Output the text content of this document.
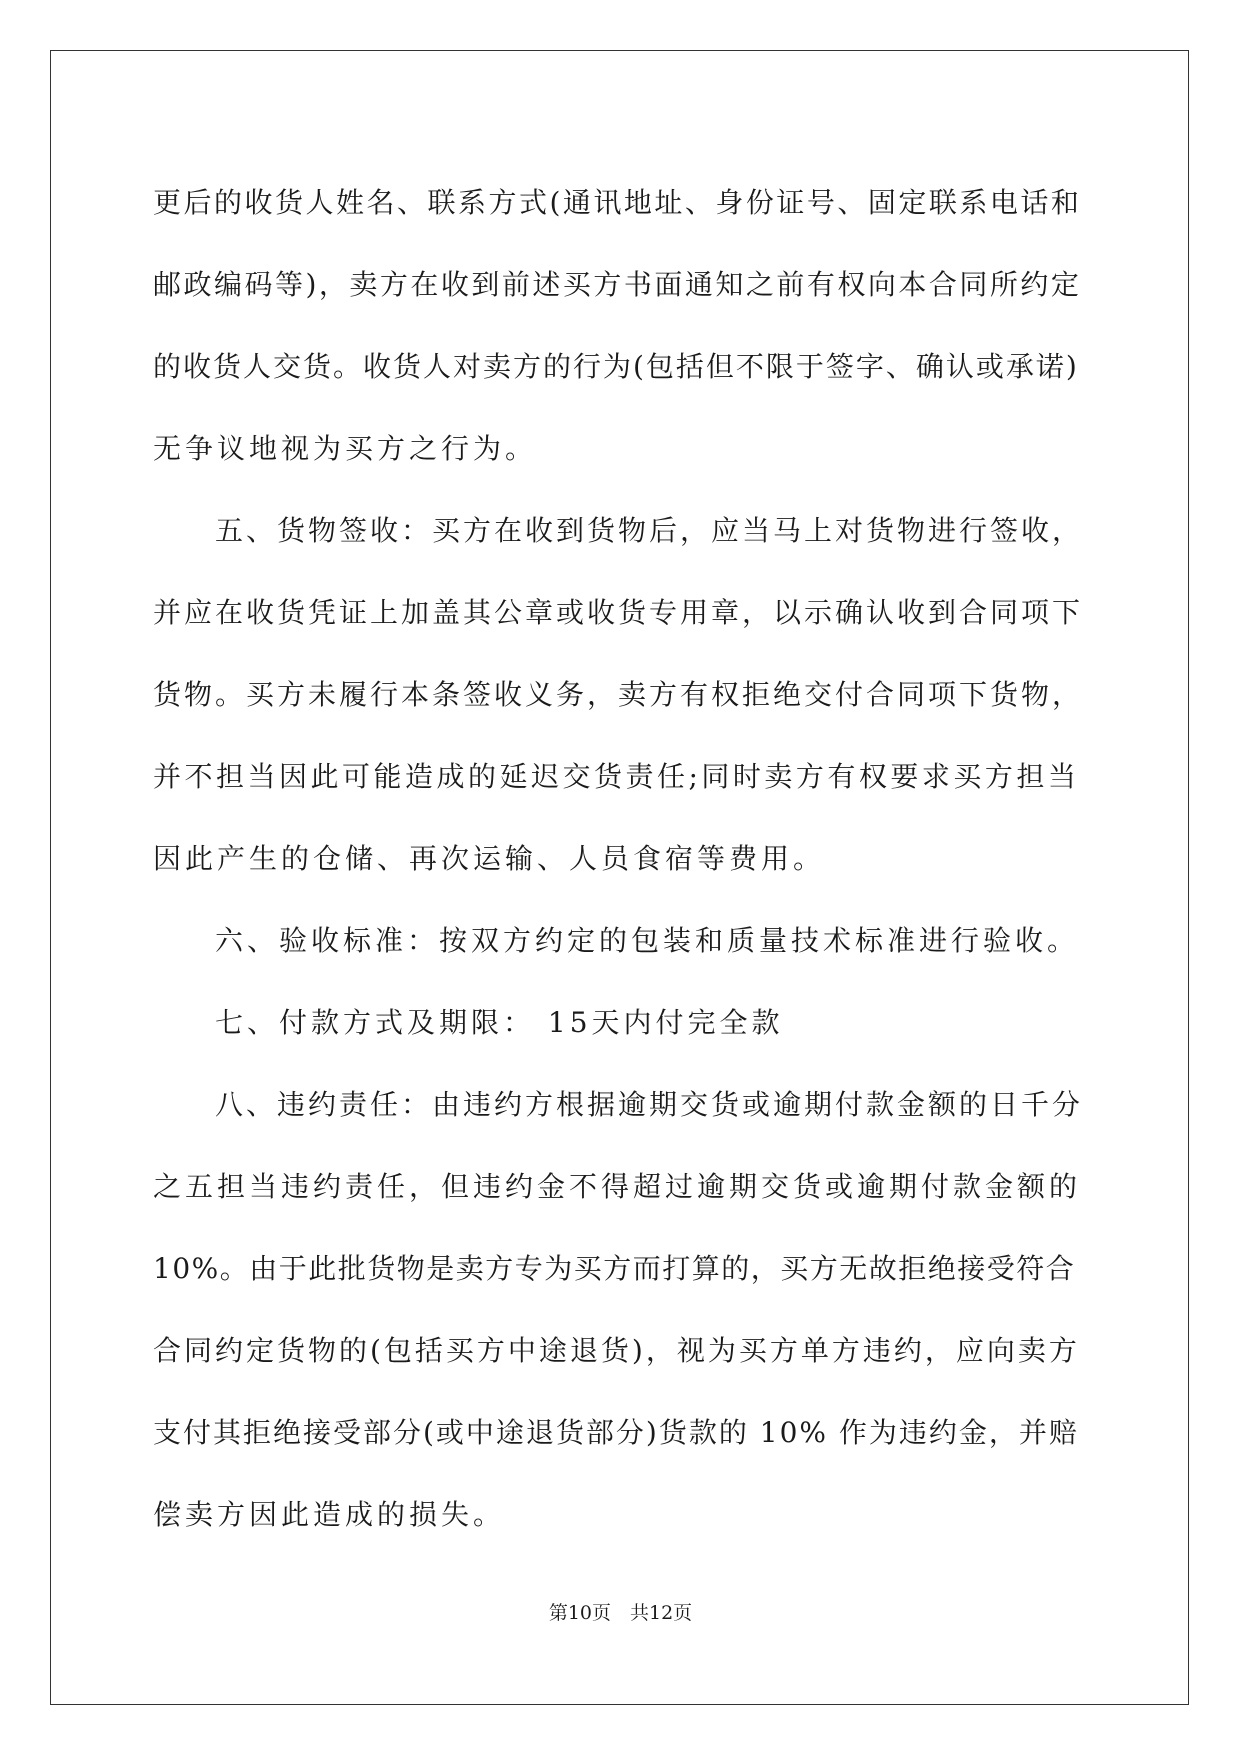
更后的收货人姓名、联系方式(通讯地址、身份证号、固定联系电话和
邮政编码等)，卖方在收到前述买方书面通知之前有权向本合同所约定
的收货人交货。收货人对卖方的行为(包括但不限于签字、确认或承诺)
无争议地视为买方之行为。
五、货物签收：买方在收到货物后，应当马上对货物进行签收，
并应在收货凭证上加盖其公章或收货专用章，以示确认收到合同项下
货物。买方未履行本条签收义务，卖方有权拒绝交付合同项下货物，
并不担当因此可能造成的延迟交货责任;同时卖方有权要求买方担当
因此产生的仓储、再次运输、人员食宿等费用。
六、验收标准：按双方约定的包装和质量技术标准进行验收。
七、付款方式及期限： 15天内付完全款
八、违约责任：由违约方根据逾期交货或逾期付款金额的日千分
之五担当违约责任，但违约金不得超过逾期交货或逾期付款金额的
10%。由于此批货物是卖方专为买方而打算的，买方无故拒绝接受符合
合同约定货物的(包括买方中途退货)，视为买方单方违约，应向卖方
支付其拒绝接受部分(或中途退货部分)货款的 10% 作为违约金，并赔
偿卖方因此造成的损失。
第10页　共12页
